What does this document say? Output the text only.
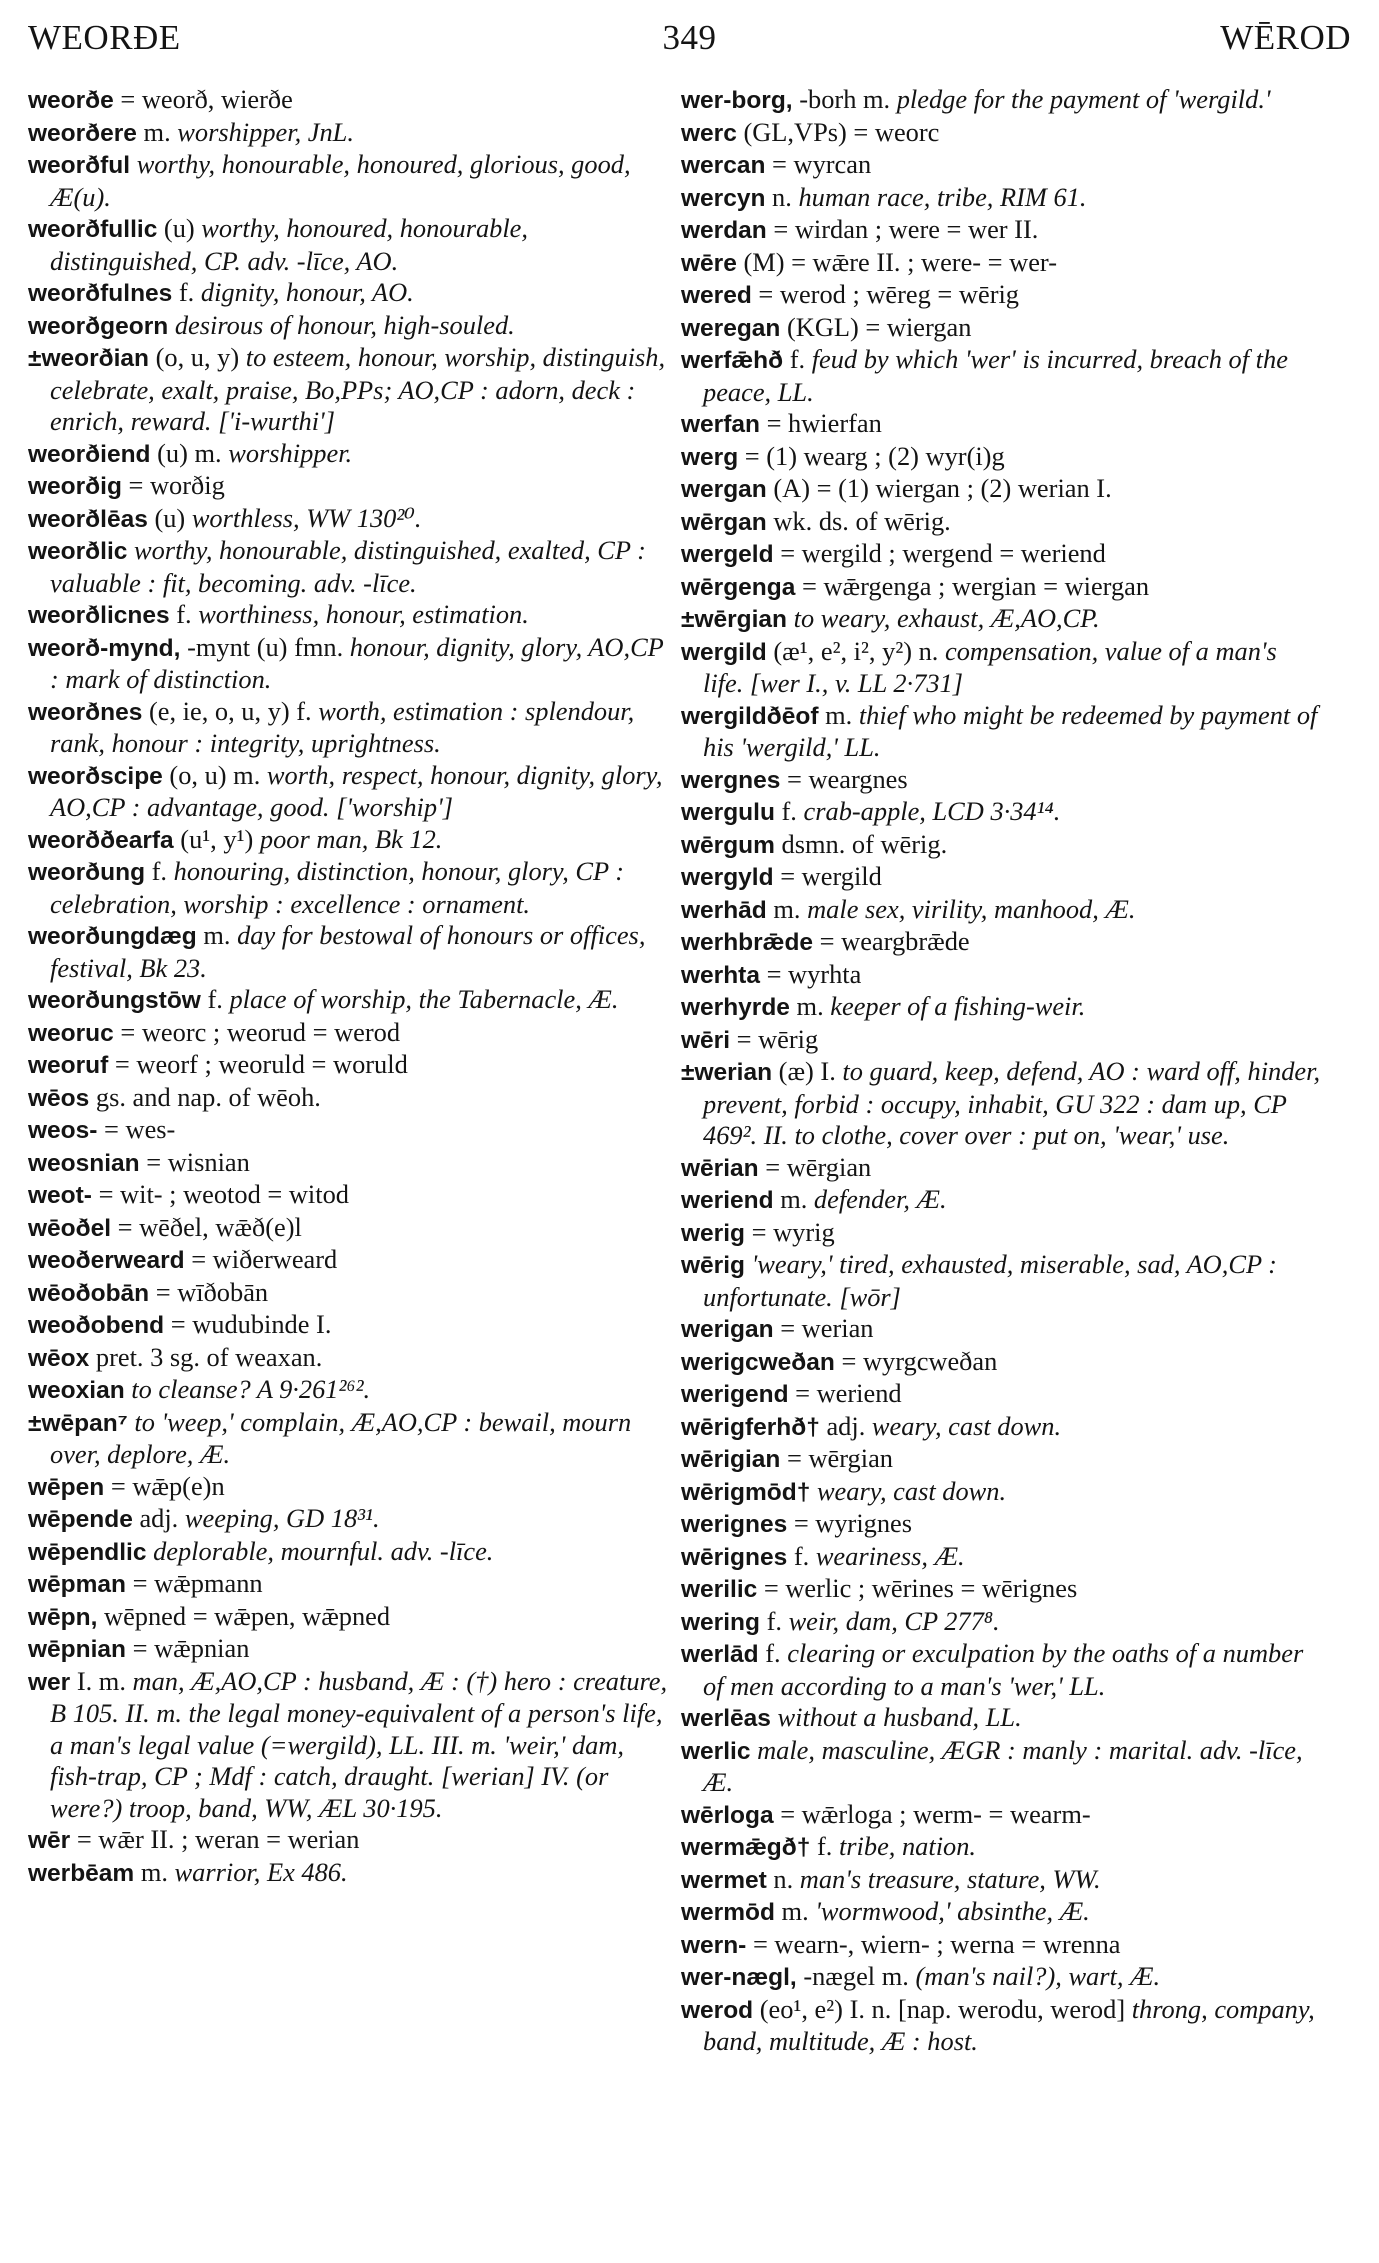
WEORÐE	349	WĒROD

weorðe = weorð, wierðe

weorðere m. worshipper, JnL.

weorðful worthy, honourable, honoured, glorious, good, Æ(u).

weorðfullic (u) worthy, honoured, honourable, distinguished, CP. adv. -līce, AO.

weorðfulnes f. dignity, honour, AO.

weorðgeorn desirous of honour, high-souled.

±weorðian (o, u, y) to esteem, honour, worship, distinguish, celebrate, exalt, praise, Bo,PPs; AO,CP : adorn, deck : enrich, reward. ['i-wurthi']

weorðiend (u) m. worshipper.

weorðig = worðig

weorðlēas (u) worthless, WW 130²⁰.

weorðlic worthy, honourable, distinguished, exalted, CP : valuable : fit, becoming. adv. -līce.

weorðlicnes f. worthiness, honour, estimation.

weorð-mynd, -mynt (u) fmn. honour, dignity, glory, AO,CP : mark of distinction.

weorðnes (e, ie, o, u, y) f. worth, estimation : splendour, rank, honour : integrity, uprightness.

weorðscipe (o, u) m. worth, respect, honour, dignity, glory, AO,CP : advantage, good. ['worship']

weorððearfa (u¹, y¹) poor man, Bk 12.

weorðung f. honouring, distinction, honour, glory, CP : celebration, worship : excellence : ornament.

weorðungdæg m. day for bestowal of honours or offices, festival, Bk 23.

weorðungstōw f. place of worship, the Tabernacle, Æ.

weoruc = weorc ; weorud = werod

weoruf = weorf ; weoruld = woruld

wēos gs. and nap. of wēoh.

weos- = wes-

weosnian = wisnian

weot- = wit- ; weotod = witod

wēoðel = wēðel, wǣð(e)l

weoðerweard = wiðerweard

wēoðobān = wīðobān

weoðobend = wudubinde I.

wēox pret. 3 sg. of weaxan.

weoxian to cleanse? A 9·261²⁶².

±wēpan⁷ to 'weep,' complain, Æ,AO,CP : bewail, mourn over, deplore, Æ.

wēpen = wǣp(e)n

wēpende adj. weeping, GD 18³¹.

wēpendlic deplorable, mournful. adv. -līce.

wēpman = wǣpmann

wēpn, wēpned = wǣpen, wǣpned

wēpnian = wǣpnian

wer I. m. man, Æ,AO,CP : husband, Æ : (†) hero : creature, B 105. II. m. the legal money-equivalent of a person's life, a man's legal value (=wergild), LL. III. m. 'weir,' dam, fish-trap, CP ; Mdf : catch, draught. [werian] IV. (or were?) troop, band, WW, ÆL 30·195.

wēr = wǣr II. ; weran = werian

werbēam m. warrior, Ex 486.

wer-borg, -borh m. pledge for the payment of 'wergild.'

werc (GL,VPs) = weorc

wercan = wyrcan

wercyn n. human race, tribe, RIM 61.

werdan = wirdan ; were = wer II.

wēre (M) = wǣre II. ; were- = wer-

wered = werod ; wēreg = wērig

weregan (KGL) = wiergan

werfǣhð f. feud by which 'wer' is incurred, breach of the peace, LL.

werfan = hwierfan

werg = (1) wearg ; (2) wyr(i)g

wergan (A) = (1) wiergan ; (2) werian I.

wērgan wk. ds. of wērig.

wergeld = wergild ; wergend = weriend

wērgenga = wǣrgenga ; wergian = wiergan

±wērgian to weary, exhaust, Æ,AO,CP.

wergild (æ¹, e², i², y²) n. compensation, value of a man's life. [wer I., v. LL 2·731]

wergildðēof m. thief who might be redeemed by payment of his 'wergild,' LL.

wergnes = weargnes

wergulu f. crab-apple, LCD 3·34¹⁴.

wērgum dsmn. of wērig.

wergyld = wergild

werhād m. male sex, virility, manhood, Æ.

werhbrǣde = weargbrǣde

werhta = wyrhta

werhyrde m. keeper of a fishing-weir.

wēri = wērig

±werian (æ) I. to guard, keep, defend, AO : ward off, hinder, prevent, forbid : occupy, inhabit, GU 322 : dam up, CP 469². II. to clothe, cover over : put on, 'wear,' use.

wērian = wērgian

weriend m. defender, Æ.

werig = wyrig

wērig 'weary,' tired, exhausted, miserable, sad, AO,CP : unfortunate. [wōr]

werigan = werian

werigcweðan = wyrgcweðan

werigend = weriend

wērigferhð† adj. weary, cast down.

wērigian = wērgian

wērigmōd† weary, cast down.

werignes = wyrignes

wērignes f. weariness, Æ.

werilic = werlic ; wērines = wērignes

wering f. weir, dam, CP 277⁸.

werlād f. clearing or exculpation by the oaths of a number of men according to a man's 'wer,' LL.

werlēas without a husband, LL.

werlic male, masculine, ÆGR : manly : marital. adv. -līce, Æ.

wērloga = wǣrloga ; werm- = wearm-

wermǣgð† f. tribe, nation.

wermet n. man's treasure, stature, WW.

wermōd m. 'wormwood,' absinthe, Æ.

wern- = wearn-, wiern- ; werna = wrenna

wer-nægl, -nægel m. (man's nail?), wart, Æ.

werod (eo¹, e²) I. n. [nap. werodu, werod] throng, company, band, multitude, Æ : host.
